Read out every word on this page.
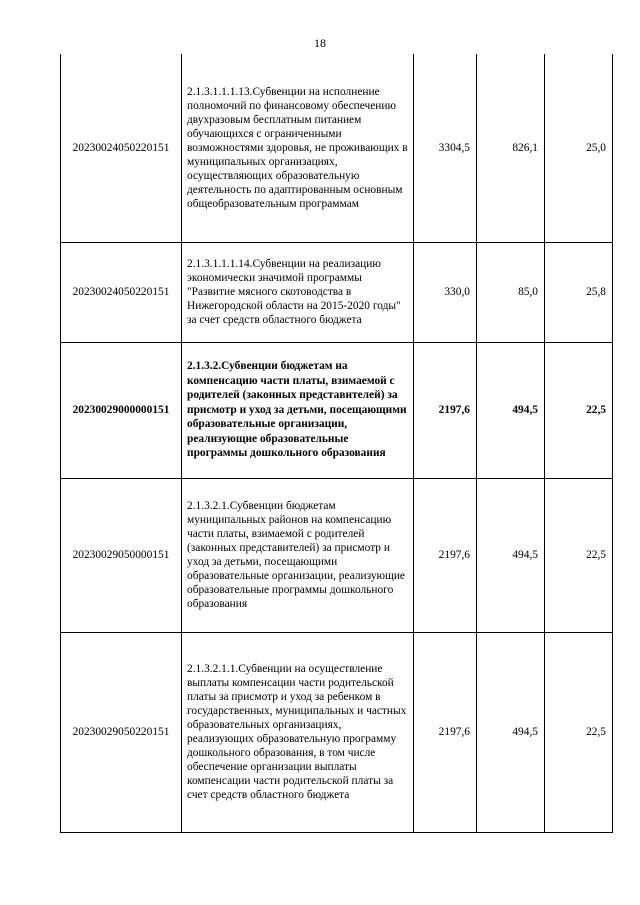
18
20230024050220151	2.1.3.1.1.1.13.Субвенции на исполнение полномочий по финансовому обеспечению двухразовым бесплатным питанием обучающихся с ограниченными возможностями здоровья, не проживающих в муниципальных организациях, осуществляющих образовательную деятельность по адаптированным основным общеобразовательным программам	3304,5	826,1	25,0
20230024050220151	2.1.3.1.1.1.14.Субвенции на реализацию экономически значимой программы "Развитие мясного скотоводства в Нижегородской области на 2015-2020 годы" за счет средств областного бюджета	330,0	85,0	25,8
20230029000000151	2.1.3.2.Субвенции бюджетам на компенсацию части платы, взимаемой с родителей (законных представителей) за присмотр и уход за детьми, посещающими образовательные организации, реализующие образовательные программы дошкольного образования	2197,6	494,5	22,5
20230029050000151	2.1.3.2.1.Субвенции бюджетам муниципальных районов на компенсацию части платы, взимаемой с родителей (законных представителей) за присмотр и уход за детьми, посещающими образовательные организации, реализующие образовательные программы дошкольного образования	2197,6	494,5	22,5
20230029050220151	2.1.3.2.1.1.Субвенции на осуществление выплаты компенсации части родительской платы за присмотр и уход за ребенком в государственных, муниципальных и частных образовательных организациях, реализующих образовательную программу дошкольного образования, в том числе обеспечение организации выплаты компенсации части родительской платы за счет средств областного бюджета	2197,6	494,5	22,5
